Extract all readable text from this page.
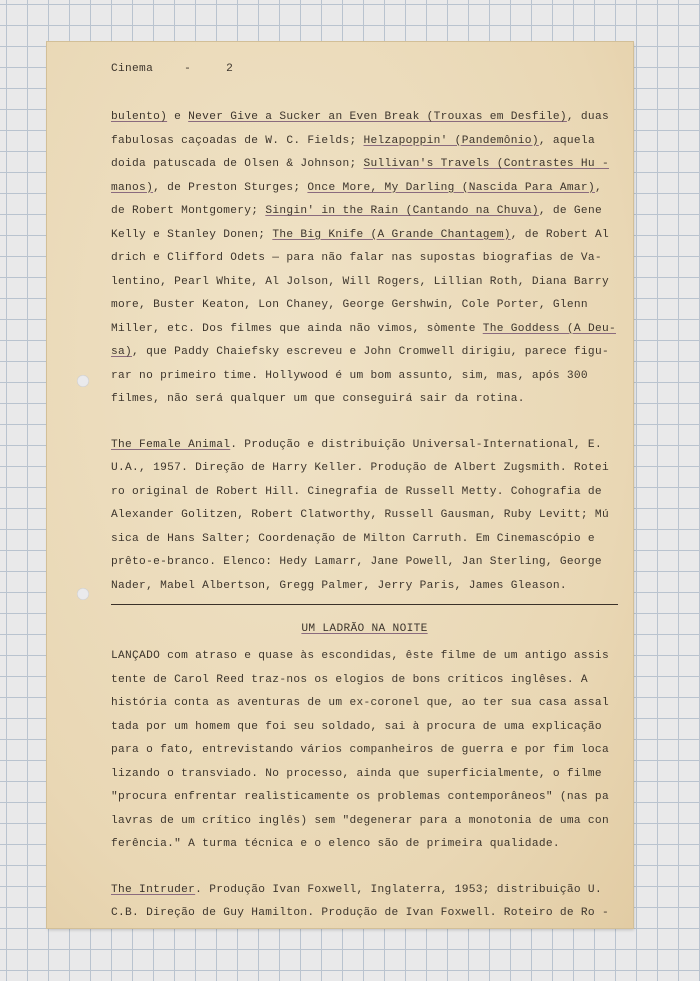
Cinema	-	2
bulento) e Never Give a Sucker an Even Break (Trouxas em Desfile), duas
fabulosas caçoadas de W. C. Fields; Helzapoppin' (Pandemônio), aquela
doida patuscada de Olsen & Johnson; Sullivan's Travels (Contrastes Hu -
manos), de Preston Sturges; Once More, My Darling (Nascida Para Amar),
de Robert Montgomery; Singin' in the Rain (Cantando na Chuva), de Gene
Kelly e Stanley Donen; The Big Knife (A Grande Chantagem), de Robert Al
drich e Clifford Odets — para não falar nas supostas biografias de Va-
lentino, Pearl White, Al Jolson, Will Rogers, Lillian Roth, Diana Barry
more, Buster Keaton, Lon Chaney, George Gershwin, Cole Porter, Glenn
Miller, etc. Dos filmes que ainda não vimos, sòmente The Goddess (A Deu-
sa), que Paddy Chaiefsky escreveu e John Cromwell dirigiu, parece figu-
rar no primeiro time. Hollywood é um bom assunto, sim, mas, após 300
filmes, não será qualquer um que conseguirá sair da rotina.
The Female Animal. Produção e distribuição Universal-International, E.
U.A., 1957. Direção de Harry Keller. Produção de Albert Zugsmith. Rotei
ro original de Robert Hill. Cinegrafia de Russell Metty. Cohografia de
Alexander Golitzen, Robert Clatworthy, Russell Gausman, Ruby Levitt; Mú
sica de Hans Salter; Coordenação de Milton Carruth. Em Cinemascópio e
prêto-e-branco. Elenco: Hedy Lamarr, Jane Powell, Jan Sterling, George
Nader, Mabel Albertson, Gregg Palmer, Jerry Paris, James Gleason.
UM LADRÃO NA NOITE
LANÇADO com atraso e quase às escondidas, êste filme de um antigo assis
tente de Carol Reed traz-nos os elogios de bons críticos inglêses. A
história conta as aventuras de um ex-coronel que, ao ter sua casa assal
tada por um homem que foi seu soldado, sai à procura de uma explicação
para o fato, entrevistando vários companheiros de guerra e por fim loca
lizando o transviado. No processo, ainda que superficialmente, o filme
"procura enfrentar realìsticamente os problemas contemporâneos" (nas pa
lavras de um crítico inglês) sem "degenerar para a monotonia de uma con
ferência." A turma técnica e o elenco são de primeira qualidade.
The Intruder. Produção Ivan Foxwell, Inglaterra, 1953; distribuição U.
C.B. Direção de Guy Hamilton. Produção de Ivan Foxwell. Roteiro de Ro -
